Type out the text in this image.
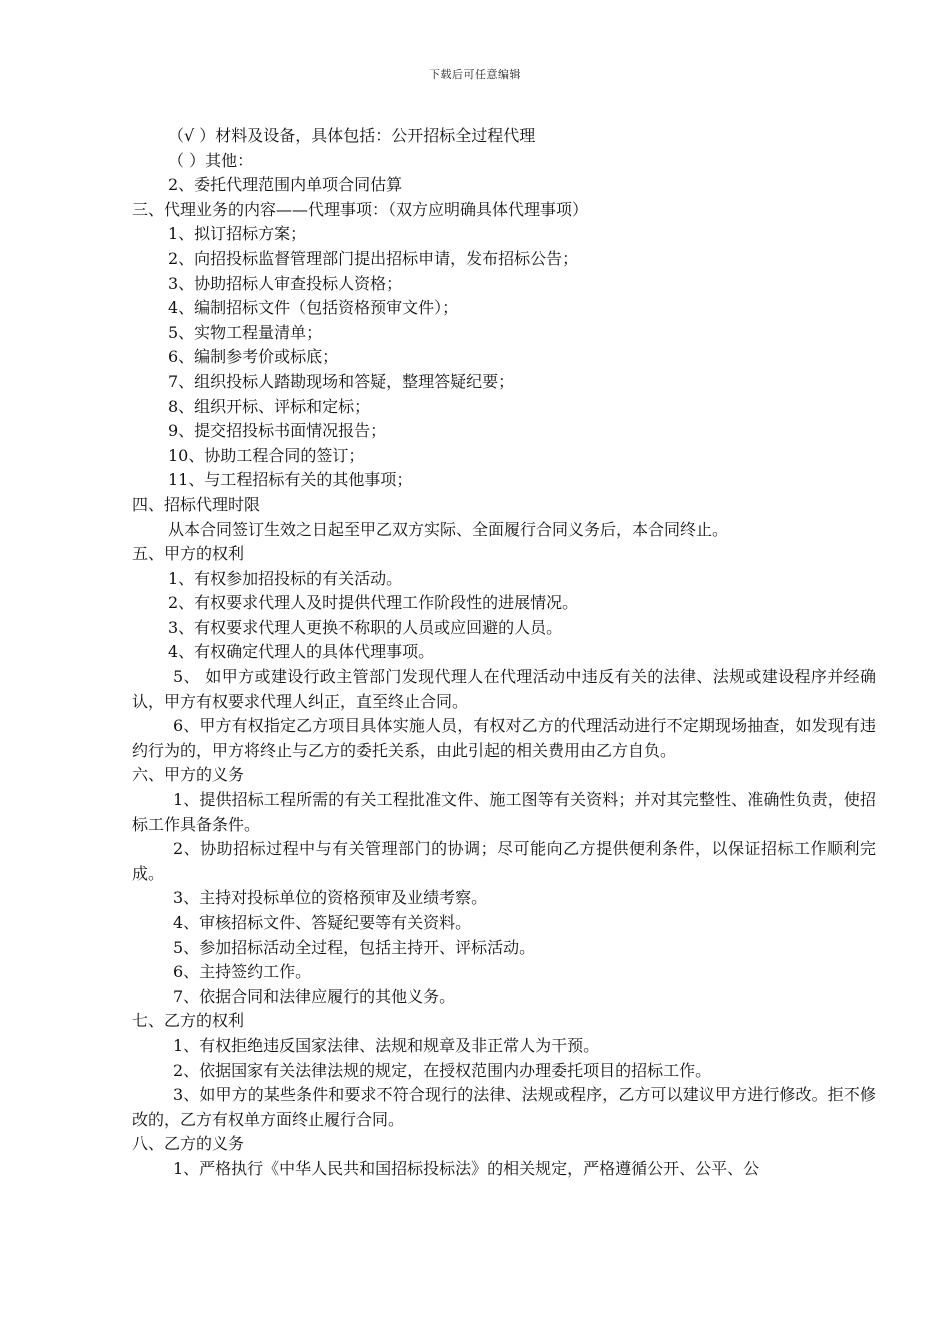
下载后可任意编辑
（√ ）材料及设备，具体包括：公开招标全过程代理
（ ）其他：
2、委托代理范围内单项合同估算
三、代理业务的内容——代理事项：（双方应明确具体代理事项）
1、拟订招标方案；
2、向招投标监督管理部门提出招标申请，发布招标公告；
3、协助招标人审查投标人资格；
4、编制招标文件（包括资格预审文件）；
5、实物工程量清单；
6、编制参考价或标底；
7、组织投标人踏勘现场和答疑，整理答疑纪要；
8、组织开标、评标和定标；
9、提交招投标书面情况报告；
10、协助工程合同的签订；
11、与工程招标有关的其他事项；
四、招标代理时限
从本合同签订生效之日起至甲乙双方实际、全面履行合同义务后，本合同终止。
五、甲方的权利
1、有权参加招投标的有关活动。
2、有权要求代理人及时提供代理工作阶段性的进展情况。
3、有权要求代理人更换不称职的人员或应回避的人员。
4、有权确定代理人的具体代理事项。
5、 如甲方或建设行政主管部门发现代理人在代理活动中违反有关的法律、法规或建设程序并经确认，甲方有权要求代理人纠正，直至终止合同。
6、甲方有权指定乙方项目具体实施人员，有权对乙方的代理活动进行不定期现场抽查，如发现有违约行为的，甲方将终止与乙方的委托关系，由此引起的相关费用由乙方自负。
六、甲方的义务
1、提供招标工程所需的有关工程批准文件、施工图等有关资料；并对其完整性、准确性负责，使招标工作具备条件。
2、协助招标过程中与有关管理部门的协调；尽可能向乙方提供便利条件，以保证招标工作顺利完成。
3、主持对投标单位的资格预审及业绩考察。
4、审核招标文件、答疑纪要等有关资料。
5、参加招标活动全过程，包括主持开、评标活动。
6、主持签约工作。
7、依据合同和法律应履行的其他义务。
七、乙方的权利
1、有权拒绝违反国家法律、法规和规章及非正常人为干预。
2、依据国家有关法律法规的规定，在授权范围内办理委托项目的招标工作。
3、如甲方的某些条件和要求不符合现行的法律、法规或程序，乙方可以建议甲方进行修改。拒不修改的，乙方有权单方面终止履行合同。
八、乙方的义务
1、严格执行《中华人民共和国招标投标法》的相关规定，严格遵循公开、公平、公
